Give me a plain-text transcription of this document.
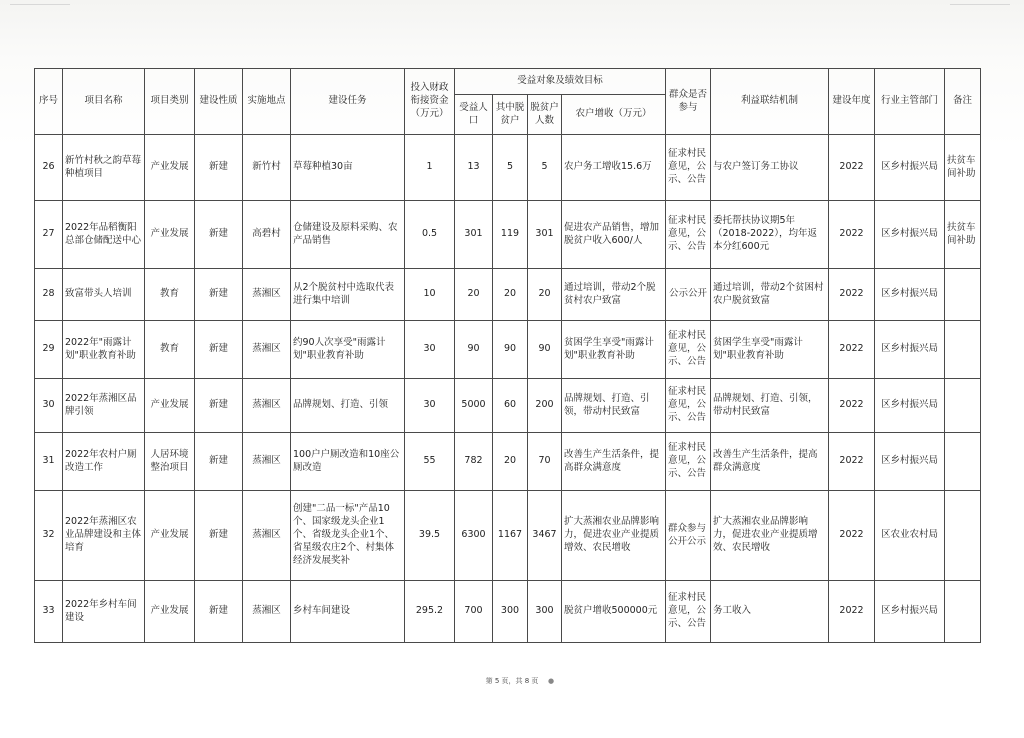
序号	项目名称	项目类别	建设性质	实施地点	建设任务	投入财政衔接资金（万元）	受益对象及绩效目标				群众是否参与	利益联结机制	建设年度	行业主管部门	备注
							受益人口	其中脱贫户	脱贫户人数	农户增收（万元）					
26	新竹村秋之韵草莓种植项目	产业发展	新建	新竹村	草莓种植30亩	1	13	5	5	农户务工增收15.6万	征求村民意见，公示、公告	与农户签订务工协议	2022	区乡村振兴局	扶贫车间补助
27	2022年品稻衡阳总部仓储配送中心	产业发展	新建	高碧村	仓储建设及原料采购、农产品销售	0.5	301	119	301	促进农产品销售，增加脱贫户收入600/人	征求村民意见，公示、公告	委托帮扶协议期5年（2018-2022），均年返本分红600元	2022	区乡村振兴局	扶贫车间补助
28	致富带头人培训	教育	新建	蒸湘区	从2个脱贫村中选取代表进行集中培训	10	20	20	20	通过培训，带动2个脱贫村农户致富	公示公开	通过培训，带动2个贫困村农户脱贫致富	2022	区乡村振兴局	
29	2022年"雨露计划"职业教育补助	教育	新建	蒸湘区	约90人次享受"雨露计划"职业教育补助	30	90	90	90	贫困学生享受"雨露计划"职业教育补助	征求村民意见，公示、公告	贫困学生享受"雨露计划"职业教育补助	2022	区乡村振兴局	
30	2022年蒸湘区品牌引领	产业发展	新建	蒸湘区	品牌规划、打造、引领	30	5000	60	200	品牌规划、打造、引领，带动村民致富	征求村民意见，公示、公告	品牌规划、打造、引领，带动村民致富	2022	区乡村振兴局	
31	2022年农村户厕改造工作	人居环境整治项目	新建	蒸湘区	100户户厕改造和10座公厕改造	55	782	20	70	改善生产生活条件，提高群众满意度	征求村民意见，公示、公告	改善生产生活条件，提高群众满意度	2022	区乡村振兴局	
32	2022年蒸湘区农业品牌建设和主体培育	产业发展	新建	蒸湘区	创建"二品一标"产品10个、国家级龙头企业1个、省级龙头企业1个、省星级农庄2个、村集体经济发展奖补	39.5	6300	1167	3467	扩大蒸湘农业品牌影响力，促进农业产业提质增效、农民增收	群众参与公开公示	扩大蒸湘农业品牌影响力，促进农业产业提质增效、农民增收	2022	区农业农村局	
33	2022年乡村车间建设	产业发展	新建	蒸湘区	乡村车间建设	295.2	700	300	300	脱贫户增收500000元	征求村民意见，公示、公告	务工收入	2022	区乡村振兴局	
第 5 页，共 8 页	●
